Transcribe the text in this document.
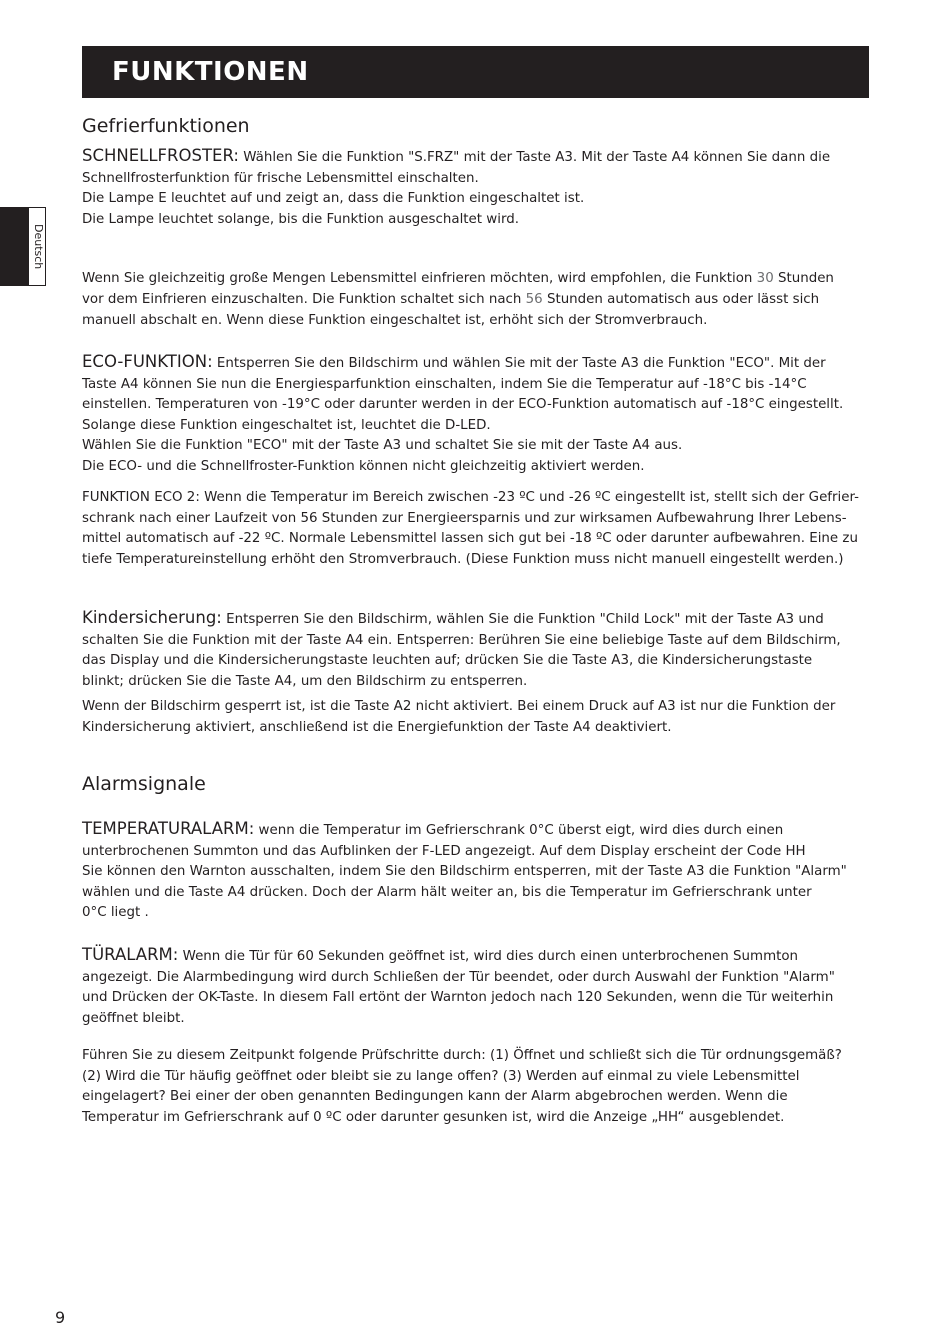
FUNKTIONEN
Deutsch
Gefrierfunktionen

SCHNELLFROSTER: Wählen Sie die Funktion "S.FRZ" mit der Taste A3. Mit der Taste A4 können Sie dann die

Schnellfrosterfunktion für frische Lebensmittel einschalten.

Die Lampe E leuchtet auf und zeigt an, dass die Funktion eingeschaltet ist.

Die Lampe leuchtet solange, bis die Funktion ausgeschaltet wird.

Wenn Sie gleichzeitig große Mengen Lebensmittel einfrieren möchten, wird empfohlen, die Funktion 30 Stunden

vor dem Einfrieren einzuschalten. Die Funktion schaltet sich nach 56 Stunden automatisch aus oder lässt sich

manuell abschalt en. Wenn diese Funktion eingeschaltet ist, erhöht sich der Stromverbrauch.

ECO-FUNKTION: Entsperren Sie den Bildschirm und wählen Sie mit der Taste A3 die Funktion "ECO". Mit der

Taste A4 können Sie nun die Energiesparfunktion einschalten, indem Sie die Temperatur auf -18°C bis -14°C

einstellen. Temperaturen von -19°C oder darunter werden in der ECO-Funktion automatisch auf -18°C eingestellt.

Solange diese Funktion eingeschaltet ist, leuchtet die D-LED.

Wählen Sie die Funktion "ECO" mit der Taste A3 und schaltet Sie sie mit der Taste A4 aus.

Die ECO- und die Schnellfroster-Funktion können nicht gleichzeitig aktiviert werden.

FUNKTION ECO 2: Wenn die Temperatur im Bereich zwischen -23 ºC und -26 ºC eingestellt ist, stellt sich der Gefrier-

schrank nach einer Laufzeit von 56 Stunden zur Energieersparnis und zur wirksamen Aufbewahrung Ihrer Lebens-

mittel automatisch auf -22 ºC. Normale Lebensmittel lassen sich gut bei -18 ºC oder darunter aufbewahren. Eine zu

tiefe Temperatureinstellung erhöht den Stromverbrauch. (Diese Funktion muss nicht manuell eingestellt werden.)

Kindersicherung: Entsperren Sie den Bildschirm, wählen Sie die Funktion "Child Lock" mit der Taste A3 und

schalten Sie die Funktion mit der Taste A4 ein. Entsperren: Berühren Sie eine beliebige Taste auf dem Bildschirm,

das Display und die Kindersicherungstaste leuchten auf; drücken Sie die Taste A3, die Kindersicherungstaste

blinkt; drücken Sie die Taste A4, um den Bildschirm zu entsperren.

Wenn der Bildschirm gesperrt ist, ist die Taste A2 nicht aktiviert. Bei einem Druck auf A3 ist nur die Funktion der

Kindersicherung aktiviert, anschließend ist die Energiefunktion der Taste A4 deaktiviert.

Alarmsignale

TEMPERATURALARM: wenn die Temperatur im Gefrierschrank 0°C überst eigt, wird dies durch einen

unterbrochenen Summton und das Aufblinken der F-LED angezeigt. Auf dem Display erscheint der Code HH

Sie können den Warnton ausschalten, indem Sie den Bildschirm entsperren, mit der Taste A3 die Funktion "Alarm"

wählen und die Taste A4 drücken. Doch der Alarm hält weiter an, bis die Temperatur im Gefrierschrank unter

0°C liegt .

TÜRALARM: Wenn die Tür für 60 Sekunden geöffnet ist, wird dies durch einen unterbrochenen Summton

angezeigt. Die Alarmbedingung wird durch Schließen der Tür beendet, oder durch Auswahl der Funktion "Alarm"

und Drücken der OK-Taste. In diesem Fall ertönt der Warnton jedoch nach 120 Sekunden, wenn die Tür weiterhin

geöffnet bleibt.

Führen Sie zu diesem Zeitpunkt folgende Prüfschritte durch: (1) Öffnet und schließt sich die Tür ordnungsgemäß?

(2) Wird die Tür häufig geöffnet oder bleibt sie zu lange offen? (3) Werden auf einmal zu viele Lebensmittel

eingelagert? Bei einer der oben genannten Bedingungen kann der Alarm abgebrochen werden. Wenn die

Temperatur im Gefrierschrank auf 0 ºC oder darunter gesunken ist, wird die Anzeige „HH“ ausgeblendet.

9
